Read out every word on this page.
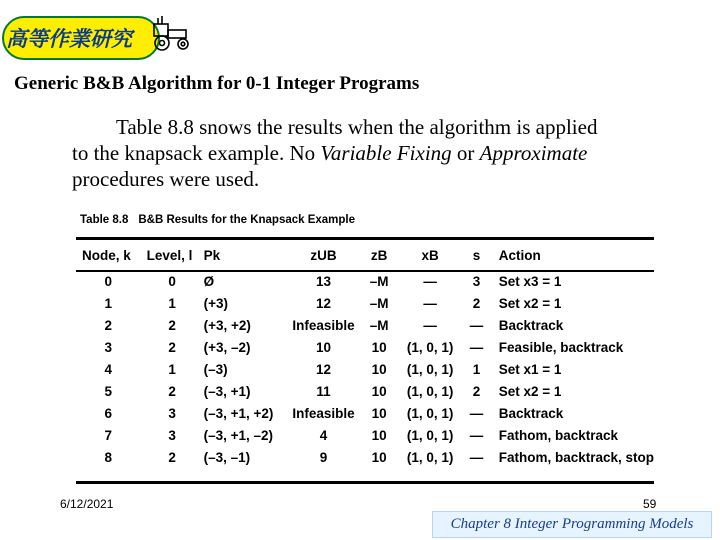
高等作業研究
Generic B&B Algorithm for 0-1 Integer Programs
Table 8.8 snows the results when the algorithm is applied
to the knapsack example. No Variable Fixing or Approximate
procedures were used.
Table 8.8 B&B Results for the Knapsack Example
Node, k	Level, l	Pk	zUB	zB	xB	s	Action
0	0	Ø	13	–M	—	3	Set x3 = 1
1	1	(+3)	12	–M	—	2	Set x2 = 1
2	2	(+3, +2)	Infeasible	–M	—	—	Backtrack
3	2	(+3, –2)	10	10	(1, 0, 1)	—	Feasible, backtrack
4	1	(–3)	12	10	(1, 0, 1)	1	Set x1 = 1
5	2	(–3, +1)	11	10	(1, 0, 1)	2	Set x2 = 1
6	3	(–3, +1, +2)	Infeasible	10	(1, 0, 1)	—	Backtrack
7	3	(–3, +1, –2)	4	10	(1, 0, 1)	—	Fathom, backtrack
8	2	(–3, –1)	9	10	(1, 0, 1)	—	Fathom, backtrack, stop
6/12/2021	59
Chapter 8 Integer Programming Models
